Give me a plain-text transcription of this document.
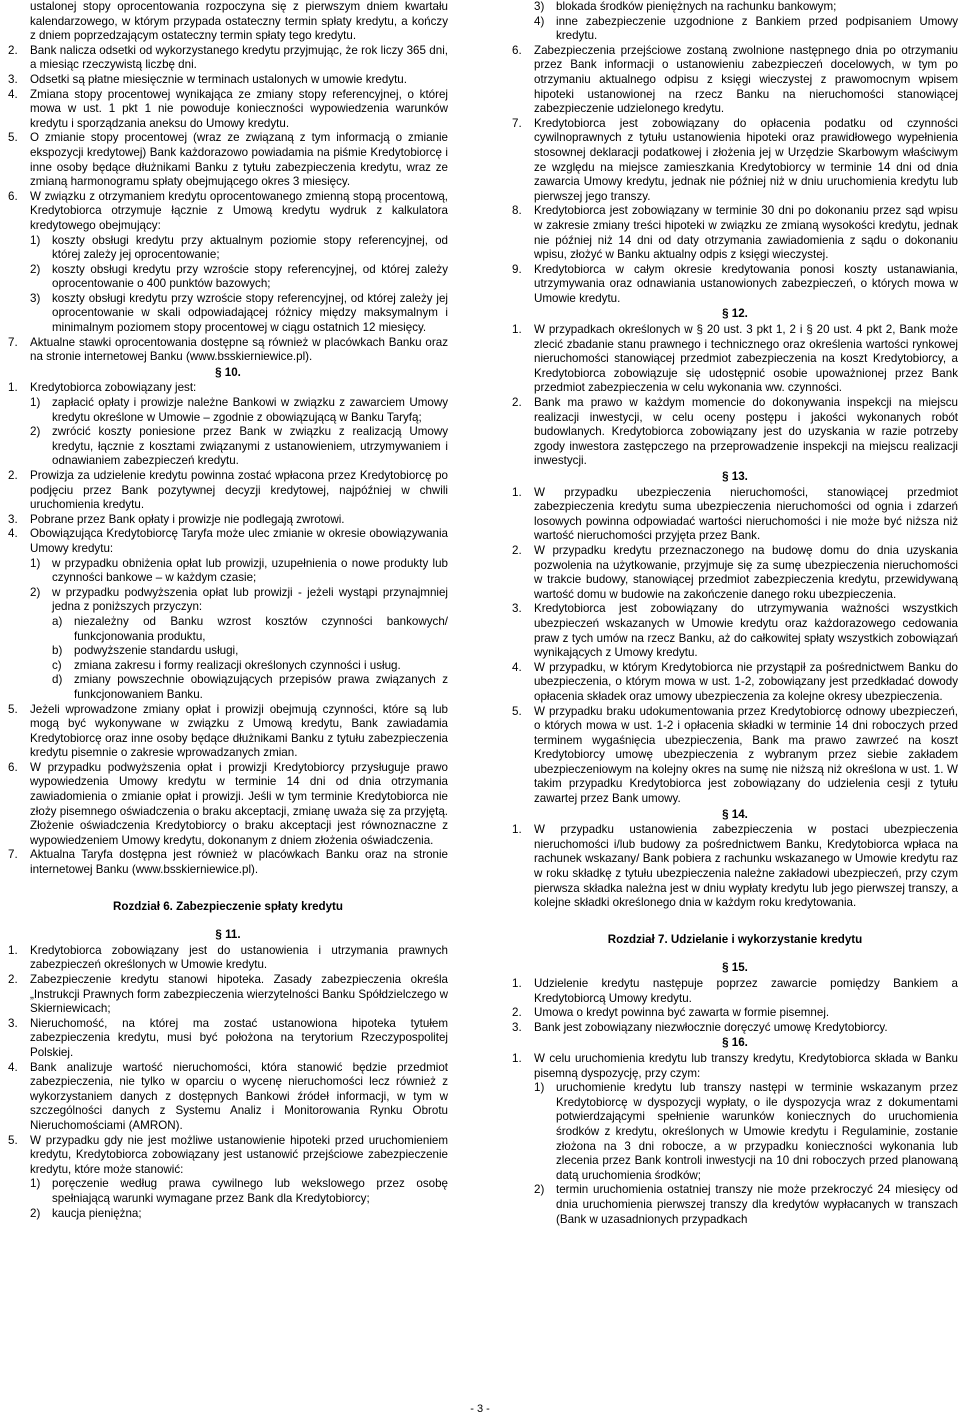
ustalonej stopy oprocentowania rozpoczyna się z pierwszym dniem kwartału kalendarzowego, w którym przypada ostateczny termin spłaty kredytu, a kończy z dniem poprzedzającym ostateczny termin spłaty tego kredytu.
2.	Bank nalicza odsetki od wykorzystanego kredytu przyjmując, że rok liczy 365 dni, a miesiąc rzeczywistą liczbę dni.
3.	Odsetki są płatne miesięcznie w terminach ustalonych w umowie kredytu.
4.	Zmiana stopy procentowej wynikająca ze zmiany stopy referencyjnej, o której mowa w ust. 1 pkt 1 nie powoduje konieczności wypowiedzenia warunków kredytu i sporządzania aneksu do Umowy kredytu.
5.	O zmianie stopy procentowej (wraz ze związaną z tym informacją o zmianie ekspozycji kredytowej) Bank każdorazowo powiadamia na piśmie Kredytobiorcę i inne osoby będące dłużnikami Banku z tytułu zabezpieczenia kredytu, wraz ze zmianą harmonogramu spłaty obejmującego okres 3 miesięcy.
6.	W związku z otrzymaniem kredytu oprocentowanego zmienną stopą procentową, Kredytobiorca otrzymuje łącznie z Umową kredytu wydruk z kalkulatora kredytowego obejmujący:
1)	koszty obsługi kredytu przy aktualnym poziomie stopy referencyjnej, od której zależy jej oprocentowanie;
2)	koszty obsługi kredytu przy wzroście stopy referencyjnej, od której zależy oprocentowanie o 400 punktów bazowych;
3)	koszty obsługi kredytu przy wzroście stopy referencyjnej, od której zależy jej oprocentowanie w skali odpowiadającej różnicy między maksymalnym i minimalnym poziomem stopy procentowej w ciągu ostatnich 12 miesięcy.
7.	Aktualne stawki oprocentowania dostępne są również w placówkach Banku oraz na stronie internetowej Banku (www.bsskierniewice.pl).
§ 10.
1.	Kredytobiorca zobowiązany jest:
1)	zapłacić opłaty i prowizje należne Bankowi w związku z zawarciem Umowy kredytu określone w Umowie – zgodnie z obowiązującą w Banku Taryfą;
2)	zwrócić koszty poniesione przez Bank w związku z realizacją Umowy kredytu, łącznie z kosztami związanymi z ustanowieniem, utrzymywaniem i odnawianiem zabezpieczeń kredytu.
2.	Prowizja za udzielenie kredytu powinna zostać wpłacona przez Kredytobiorcę po podjęciu przez Bank pozytywnej decyzji kredytowej, najpóźniej w chwili uruchomienia kredytu.
3.	Pobrane przez Bank opłaty i prowizje nie podlegają zwrotowi.
4.	Obowiązująca Kredytobiorcę Taryfa może ulec zmianie w okresie obowiązywania Umowy kredytu:
1)	w przypadku obniżenia opłat lub prowizji, uzupełnienia o nowe produkty lub czynności bankowe – w każdym czasie;
2)	w przypadku podwyższenia opłat lub prowizji - jeżeli wystąpi przynajmniej jedna z poniższych przyczyn:
a)	niezależny od Banku wzrost kosztów czynności bankowych/ funkcjonowania produktu,
b)	podwyższenie standardu usługi,
c)	zmiana zakresu i formy realizacji określonych czynności i usług.
d)	zmiany powszechnie obowiązujących przepisów prawa związanych z funkcjonowaniem Banku.
5.	Jeżeli wprowadzone zmiany opłat i prowizji obejmują czynności, które są lub mogą być wykonywane w związku z Umową kredytu, Bank zawiadamia Kredytobiorcę oraz inne osoby będące dłużnikami Banku z tytułu zabezpieczenia kredytu pisemnie o zakresie wprowadzanych zmian.
6.	W przypadku podwyższenia opłat i prowizji Kredytobiorcy przysługuje prawo wypowiedzenia Umowy kredytu w terminie 14 dni od dnia otrzymania zawiadomienia o zmianie opłat i prowizji. Jeśli w tym terminie Kredytobiorca nie złoży pisemnego oświadczenia o braku akceptacji, zmianę uważa się za przyjętą. Złożenie oświadczenia Kredytobiorcy o braku akceptacji jest równoznaczne z wypowiedzeniem Umowy kredytu, dokonanym z dniem złożenia oświadczenia.
7.	Aktualna Taryfa dostępna jest również w placówkach Banku oraz na stronie internetowej Banku (www.bsskierniewice.pl).
Rozdział 6. Zabezpieczenie spłaty kredytu
§ 11.
1.	Kredytobiorca zobowiązany jest do ustanowienia i utrzymania prawnych zabezpieczeń określonych w Umowie kredytu.
2.	Zabezpieczenie kredytu stanowi hipoteka. Zasady zabezpieczenia określa „Instrukcji Prawnych form zabezpieczenia wierzytelności Banku Spółdzielczego w Skierniewicach;
3.	Nieruchomość, na której ma zostać ustanowiona hipoteka tytułem zabezpieczenia kredytu, musi być położona na terytorium Rzeczypospolitej Polskiej.
4.	Bank analizuje wartość nieruchomości, która stanowić będzie przedmiot zabezpieczenia, nie tylko w oparciu o wycenę nieruchomości lecz również z wykorzystaniem danych z dostępnych Bankowi źródeł informacji, w tym w szczególności danych z Systemu Analiz i Monitorowania Rynku Obrotu Nieruchomościami (AMRON).
5.	W przypadku gdy nie jest możliwe ustanowienie hipoteki przed uruchomieniem kredytu, Kredytobiorca zobowiązany jest ustanowić przejściowe zabezpieczenie kredytu, które może stanowić:
1)	poręczenie według prawa cywilnego lub wekslowego przez osobę spełniającą warunki wymagane przez Bank dla Kredytobiorcy;
2)	kaucja pieniężna;
3)	blokada środków pieniężnych na rachunku bankowym;
4)	inne zabezpieczenie uzgodnione z Bankiem przed podpisaniem Umowy kredytu.
6.	Zabezpieczenia przejściowe zostaną zwolnione następnego dnia po otrzymaniu przez Bank informacji o ustanowieniu zabezpieczeń docelowych, w tym po otrzymaniu aktualnego odpisu z księgi wieczystej z prawomocnym wpisem hipoteki ustanowionej na rzecz Banku na nieruchomości stanowiącej zabezpieczenie udzielonego kredytu.
7.	Kredytobiorca jest zobowiązany do opłacenia podatku od czynności cywilnoprawnych z tytułu ustanowienia hipoteki oraz prawidłowego wypełnienia stosownej deklaracji podatkowej i złożenia jej w Urzędzie Skarbowym właściwym ze względu na miejsce zamieszkania Kredytobiorcy w terminie 14 dni od dnia zawarcia Umowy kredytu, jednak nie później niż w dniu uruchomienia kredytu lub pierwszej jego transzy.
8.	Kredytobiorca jest zobowiązany w terminie 30 dni po dokonaniu przez sąd wpisu w zakresie zmiany treści hipoteki w związku ze zmianą wysokości kredytu, jednak nie później niż 14 dni od daty otrzymania zawiadomienia z sądu o dokonaniu wpisu, złożyć w Banku aktualny odpis z księgi wieczystej.
9.	Kredytobiorca w całym okresie kredytowania ponosi koszty ustanawiania, utrzymywania oraz odnawiania ustanowionych zabezpieczeń, o których mowa w Umowie kredytu.
§ 12.
1.	W przypadkach określonych w § 20 ust. 3 pkt 1, 2 i § 20 ust. 4 pkt 2, Bank może zlecić zbadanie stanu prawnego i technicznego oraz określenia wartości rynkowej nieruchomości stanowiącej przedmiot zabezpieczenia na koszt Kredytobiorcy, a Kredytobiorca zobowiązuje się udostępnić osobie upoważnionej przez Bank przedmiot zabezpieczenia w celu wykonania ww. czynności.
2.	Bank ma prawo w każdym momencie do dokonywania inspekcji na miejscu realizacji inwestycji, w celu oceny postępu i jakości wykonanych robót budowlanych. Kredytobiorca zobowiązany jest do uzyskania w razie potrzeby zgody inwestora zastępczego na przeprowadzenie inspekcji na miejscu realizacji inwestycji.
§ 13.
1.	W przypadku ubezpieczenia nieruchomości, stanowiącej przedmiot zabezpieczenia kredytu suma ubezpieczenia nieruchomości od ognia i zdarzeń losowych powinna odpowiadać wartości nieruchomości i nie może być niższa niż wartość nieruchomości przyjęta przez Bank.
2.	W przypadku kredytu przeznaczonego na budowę domu do dnia uzyskania pozwolenia na użytkowanie, przyjmuje się za sumę ubezpieczenia nieruchomości w trakcie budowy, stanowiącej przedmiot zabezpieczenia kredytu, przewidywaną wartość domu w budowie na zakończenie danego roku ubezpieczenia.
3.	Kredytobiorca jest zobowiązany do utrzymywania ważności wszystkich ubezpieczeń wskazanych w Umowie kredytu oraz każdorazowego cedowania praw z tych umów na rzecz Banku, aż do całkowitej spłaty wszystkich zobowiązań wynikających z Umowy kredytu.
4.	W przypadku, w którym Kredytobiorca nie przystąpił za pośrednictwem Banku do ubezpieczenia, o którym mowa w ust. 1-2, zobowiązany jest przedkładać dowody opłacenia składek oraz umowy ubezpieczenia za kolejne okresy ubezpieczenia.
5.	W przypadku braku udokumentowania przez Kredytobiorcę odnowy ubezpieczeń, o których mowa w ust. 1-2 i opłacenia składki w terminie 14 dni roboczych przed terminem wygaśnięcia ubezpieczenia, Bank ma prawo zawrzeć na koszt Kredytobiorcy umowę ubezpieczenia z wybranym przez siebie zakładem ubezpieczeniowym na kolejny okres na sumę nie niższą niż określona w ust. 1. W takim przypadku Kredytobiorca jest zobowiązany do udzielenia cesji z tytułu zawartej przez Bank umowy.
§ 14.
1.	W przypadku ustanowienia zabezpieczenia w postaci ubezpieczenia nieruchomości i/lub budowy za pośrednictwem Banku, Kredytobiorca wpłaca na rachunek wskazany/ Bank pobiera z rachunku wskazanego w Umowie kredytu raz w roku składkę z tytułu ubezpieczenia należne zakładowi ubezpieczeń, przy czym pierwsza składka należna jest w dniu wypłaty kredytu lub jego pierwszej transzy, a kolejne składki określonego dnia w każdym roku kredytowania.
Rozdział 7. Udzielanie i wykorzystanie kredytu
§ 15.
1.	Udzielenie kredytu następuje poprzez zawarcie pomiędzy Bankiem a Kredytobiorcą Umowy kredytu.
2.	Umowa o kredyt powinna być zawarta w formie pisemnej.
3.	Bank jest zobowiązany niezwłocznie doręczyć umowę Kredytobiorcy.
§ 16.
1.	W celu uruchomienia kredytu lub transzy kredytu, Kredytobiorca składa w Banku pisemną dyspozycję, przy czym:
1)	uruchomienie kredytu lub transzy następi w terminie wskazanym przez Kredytobiorcę w dyspozycji wypłaty, o ile dyspozycja wraz z dokumentami potwierdzającymi spełnienie warunków koniecznych do uruchomienia środków z kredytu, określonych w Umowie kredytu i Regulaminie, zostanie złożona na 3 dni robocze, a w przypadku konieczności wykonania lub zlecenia przez Bank kontroli inwestycji na 10 dni roboczych przed planowaną datą uruchomienia środków;
2)	termin uruchomienia ostatniej transzy nie może przekroczyć 24 miesięcy od dnia uruchomienia pierwszej transzy dla kredytów wypłacanych w transzach (Bank w uzasadnionych przypadkach
- 3 -
